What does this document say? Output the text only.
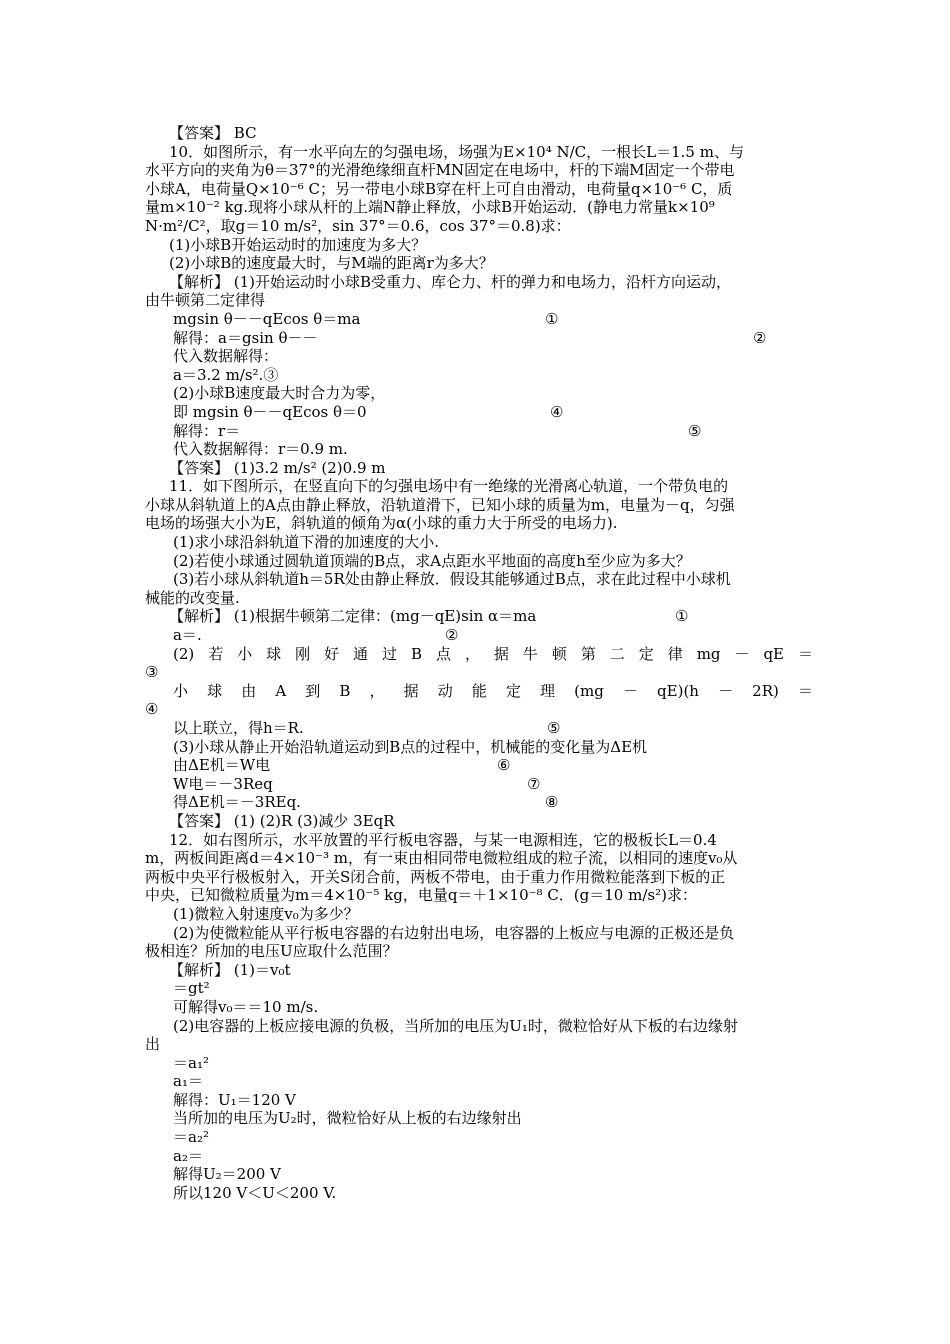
【答案】 BC
10．如图所示，有一水平向左的匀强电场，场强为E×10⁴ N/C，一根长L＝1.5 m、与
水平方向的夹角为θ＝37°的光滑绝缘细直杆MN固定在电场中，杆的下端M固定一个带电
小球A，电荷量Q×10⁻⁶ C；另一带电小球B穿在杆上可自由滑动，电荷量q×10⁻⁶ C，质
量m×10⁻² kg.现将小球从杆的上端N静止释放，小球B开始运动．(静电力常量k×10⁹
N·m²/C²，取g＝10 m/s²，sin 37°＝0.6，cos 37°＝0.8)求：
(1)小球B开始运动时的加速度为多大？
(2)小球B的速度最大时，与M端的距离r为多大？
【解析】 (1)开始运动时小球B受重力、库仑力、杆的弹力和电场力，沿杆方向运动，
由牛顿第二定律得
mgsin θ－－qEcos θ＝ma	①
解得：a＝gsin θ－－	②
代入数据解得：
a＝3.2 m/s².③
(2)小球B速度最大时合力为零，
即 mgsin θ－－qEcos θ＝0	④
解得：r＝	⑤
代入数据解得：r＝0.9 m.
【答案】 (1)3.2 m/s² (2)0.9 m
11．如下图所示，在竖直向下的匀强电场中有一绝缘的光滑离心轨道，一个带负电的
小球从斜轨道上的A点由静止释放，沿轨道滑下，已知小球的质量为m，电量为－q，匀强
电场的场强大小为E，斜轨道的倾角为α(小球的重力大于所受的电场力).
(1)求小球沿斜轨道下滑的加速度的大小.
(2)若使小球通过圆轨道顶端的B点，求A点距水平地面的高度h至少应为多大？
(3)若小球从斜轨道h＝5R处由静止释放．假设其能够通过B点，求在此过程中小球机
械能的改变量.
【解析】 (1)根据牛顿第二定律：(mg－qE)sin α＝ma	①
a＝.	②
(2) 若 小 球 刚 好 通 过 B 点 ， 据 牛 顿 第 二 定 律 mg － qE ＝
③
小 球 由 A 到 B ， 据 动 能 定 理 (mg － qE)(h － 2R) ＝
④
以上联立，得h＝R.	⑤
(3)小球从静止开始沿轨道运动到B点的过程中，机械能的变化量为ΔE机
由ΔE机＝W电	⑥
W电＝－3Req	⑦
得ΔE机＝－3REq.	⑧
【答案】 (1) (2)R (3)减少 3EqR
12．如右图所示，水平放置的平行板电容器，与某一电源相连，它的极板长L＝0.4
m，两板间距离d＝4×10⁻³ m，有一束由相同带电微粒组成的粒子流，以相同的速度v₀从
两板中央平行极板射入，开关S闭合前，两板不带电，由于重力作用微粒能落到下板的正
中央，已知微粒质量为m＝4×10⁻⁵ kg，电量q＝＋1×10⁻⁸ C．(g＝10 m/s²)求：
(1)微粒入射速度v₀为多少？
(2)为使微粒能从平行板电容器的右边射出电场，电容器的上板应与电源的正极还是负
极相连？所加的电压U应取什么范围？
【解析】 (1)＝v₀t
＝gt²
可解得v₀＝＝10 m/s.
(2)电容器的上板应接电源的负极，当所加的电压为U₁时，微粒恰好从下板的右边缘射
出
＝a₁²
a₁＝
解得：U₁＝120 V
当所加的电压为U₂时，微粒恰好从上板的右边缘射出
＝a₂²
a₂＝
解得U₂＝200 V
所以120 V＜U＜200 V.
